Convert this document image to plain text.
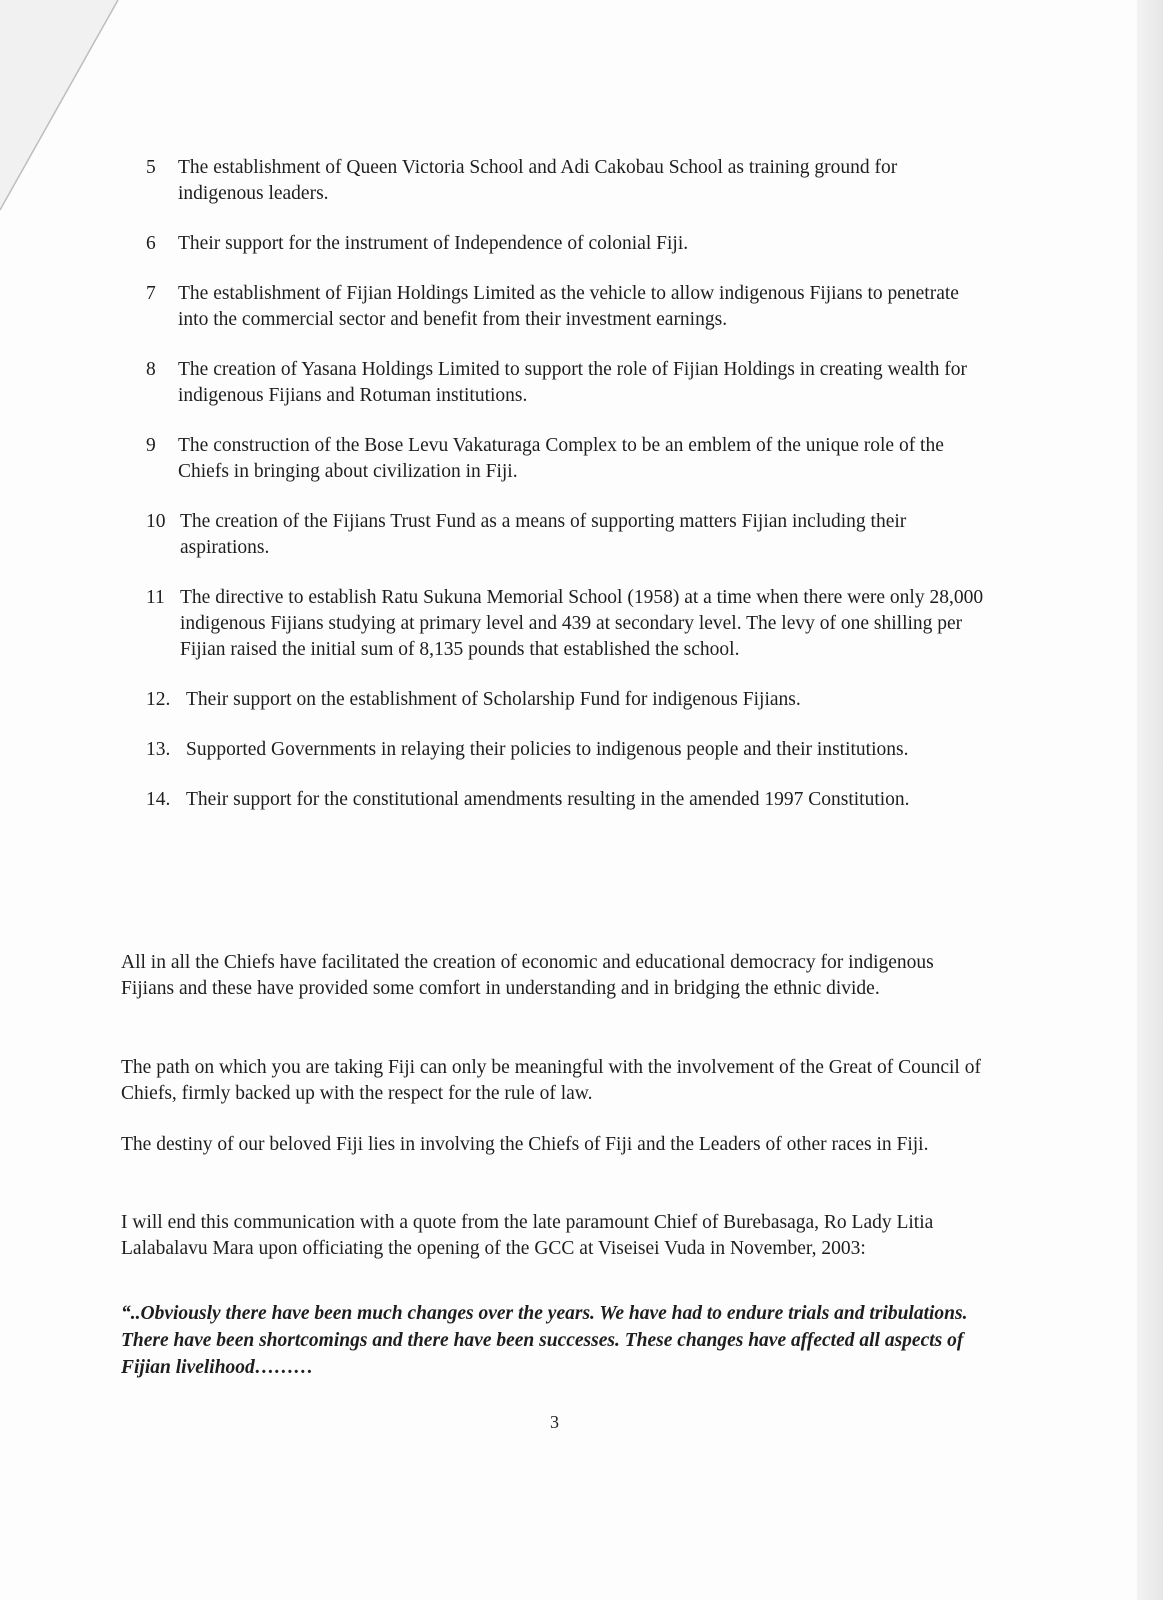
5 The establishment of Queen Victoria School and Adi Cakobau School as training ground for indigenous leaders.
6 Their support for the instrument of Independence of colonial Fiji.
7 The establishment of Fijian Holdings Limited as the vehicle to allow indigenous Fijians to penetrate into the commercial sector and benefit from their investment earnings.
8 The creation of Yasana Holdings Limited to support the role of Fijian Holdings in creating wealth for indigenous Fijians and Rotuman institutions.
9 The construction of the Bose Levu Vakaturaga Complex to be an emblem of the unique role of the Chiefs in bringing about civilization in Fiji.
10 The creation of the Fijians Trust Fund as a means of supporting matters Fijian including their aspirations.
11 The directive to establish Ratu Sukuna Memorial School (1958) at a time when there were only 28,000 indigenous Fijians studying at primary level and 439 at secondary level. The levy of one shilling per Fijian raised the initial sum of 8,135 pounds that established the school.
12. Their support on the establishment of Scholarship Fund for indigenous Fijians.
13. Supported Governments in relaying their policies to indigenous people and their institutions.
14. Their support for the constitutional amendments resulting in the amended 1997 Constitution.

All in all the Chiefs have facilitated the creation of economic and educational democracy for indigenous Fijians and these have provided some comfort in understanding and in bridging the ethnic divide.

The path on which you are taking Fiji can only be meaningful with the involvement of the Great of Council of Chiefs, firmly backed up with the respect for the rule of law.

The destiny of our beloved Fiji lies in involving the Chiefs of Fiji and the Leaders of other races in Fiji.

I will end this communication with a quote from the late paramount Chief of Burebasaga, Ro Lady Litia Lalabalavu Mara upon officiating the opening of the GCC at Viseisei Vuda in November, 2003:

“..Obviously there have been much changes over the years. We have had to endure trials and tribulations. There have been shortcomings and there have been successes. These changes have affected all aspects of Fijian livelihood………

3
